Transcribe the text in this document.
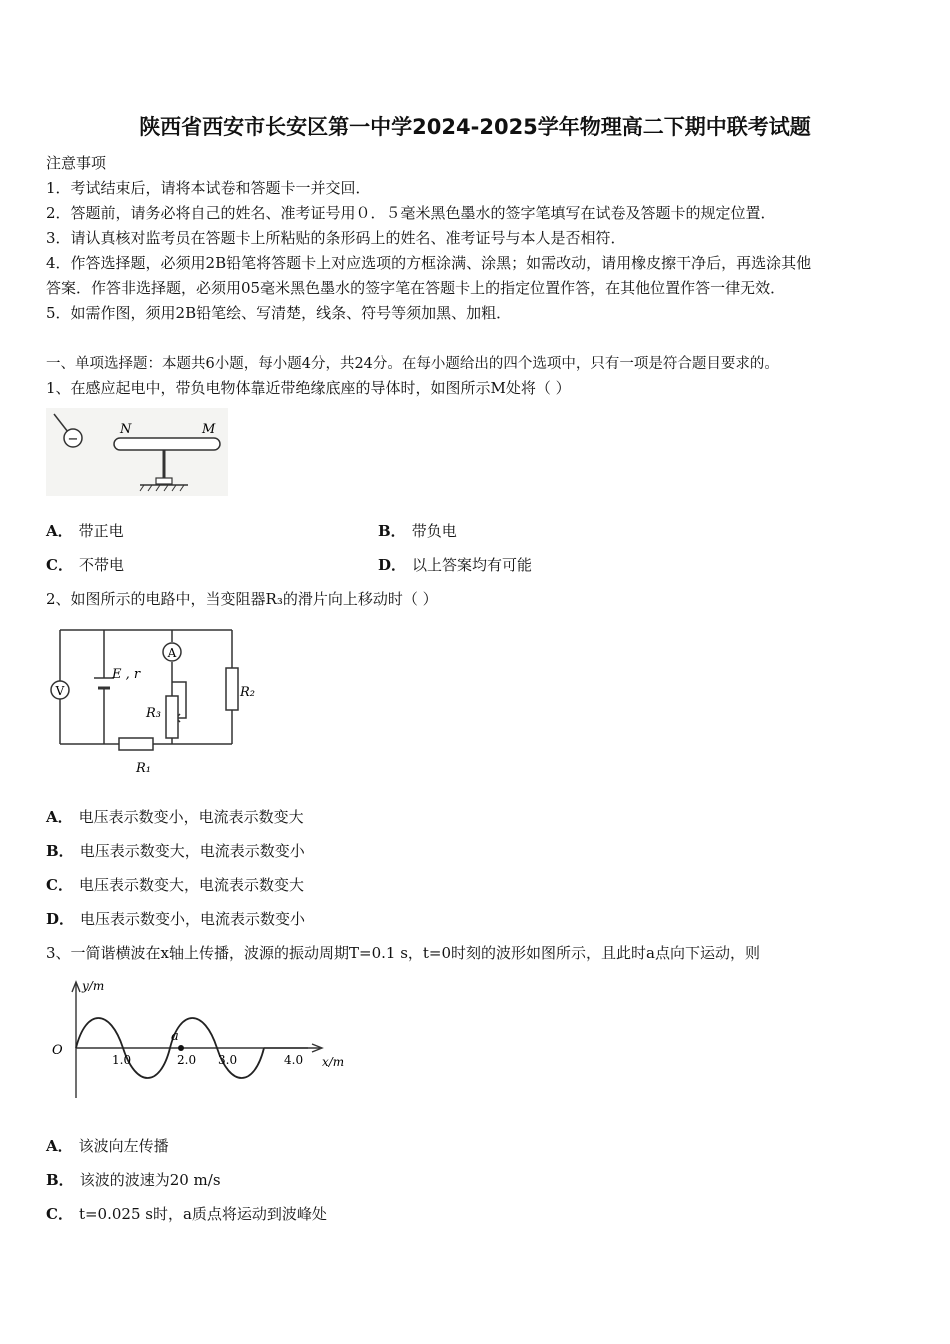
陕西省西安市长安区第一中学2024-2025学年物理高二下期中联考试题
注意事项
1．考试结束后，请将本试卷和答题卡一并交回．
2．答题前，请务必将自己的姓名、准考证号用０．５毫米黑色墨水的签字笔填写在试卷及答题卡的规定位置．
3．请认真核对监考员在答题卡上所粘贴的条形码上的姓名、准考证号与本人是否相符．
4．作答选择题，必须用2B铅笔将答题卡上对应选项的方框涂满、涂黑；如需改动，请用橡皮擦干净后，再选涂其他
答案．作答非选择题，必须用05毫米黑色墨水的签字笔在答题卡上的指定位置作答，在其他位置作答一律无效．
5．如需作图，须用2B铅笔绘、写清楚，线条、符号等须加黑、加粗．
一、单项选择题：本题共6小题，每小题4分，共24分。在每小题给出的四个选项中，只有一项是符合题目要求的。
1、在感应起电中，带负电物体靠近带绝缘底座的导体时，如图所示M处将（ ）
−
N	M
A． 带正电	B． 带负电
C． 不带电	D． 以上答案均有可能
2、如图所示的电路中，当变阻器R₃的滑片向上移动时（ ）
V
A
E , r
R₃
R₂
R₁
A． 电压表示数变小，电流表示数变大
B． 电压表示数变大，电流表示数变小
C． 电压表示数变大，电流表示数变大
D． 电压表示数变小，电流表示数变小
3、一简谐横波在x轴上传播，波源的振动周期T=0.1 s，t=0时刻的波形如图所示，且此时a点向下运动，则
a
O
y/m
x/m
1.0	2.0 3.0	4.0
A． 该波向左传播
B． 该波的波速为20 m/s
C． t=0.025 s时，a质点将运动到波峰处
